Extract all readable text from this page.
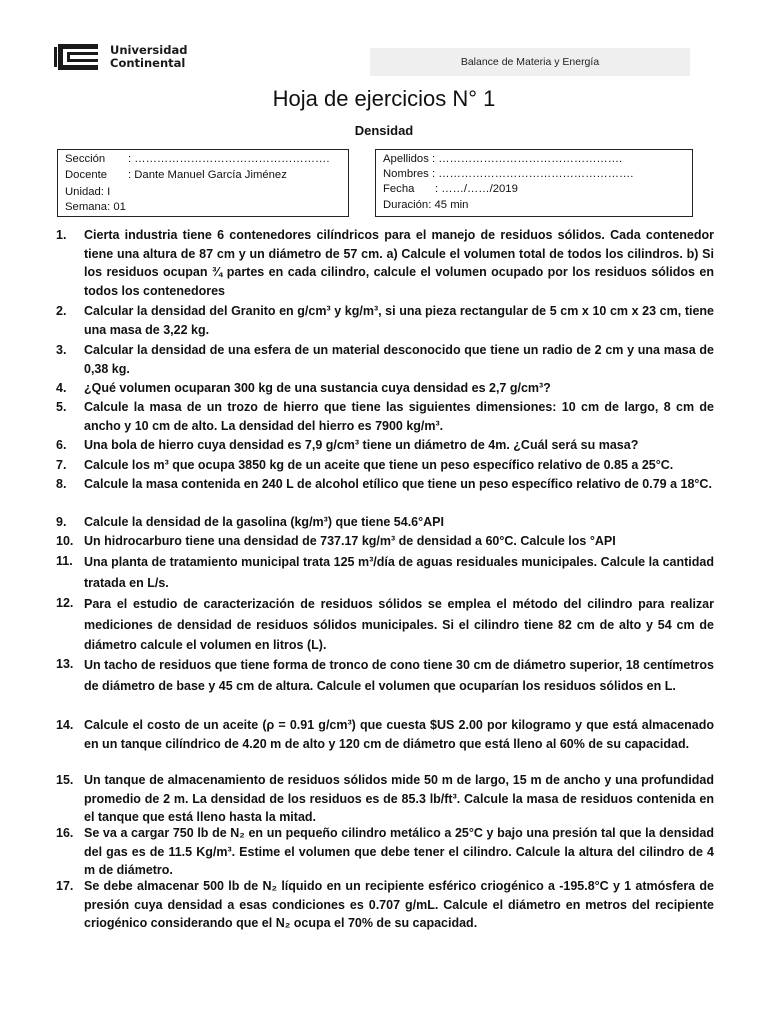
Universidad
Continental	Balance de Materia y Energía
Hoja de ejercicios N° 1
Densidad
Sección : …………………………………………….
Docente : Dante Manuel García Jiménez
Unidad: I
Semana: 01
Apellidos : ………………………………………….
Nombres : …………………………………………….
Fecha : ……/……/2019
Duración: 45 min
1.	Cierta industria tiene 6 contenedores cilíndricos para el manejo de residuos sólidos. Cada contenedor tiene una altura de 87 cm y un diámetro de 57 cm. a) Calcule el volumen total de todos los cilindros. b) Si los residuos ocupan ¾ partes en cada cilindro, calcule el volumen ocupado por los residuos sólidos en todos los contenedores
2.	Calcular la densidad del Granito en g/cm³ y kg/m³, si una pieza rectangular de 5 cm x 10 cm x 23 cm, tiene una masa de 3,22 kg.
3.	Calcular la densidad de una esfera de un material desconocido que tiene un radio de 2 cm y una masa de 0,38 kg.
4.	¿Qué volumen ocuparan 300 kg de una sustancia cuya densidad es 2,7 g/cm³?
5.	Calcule la masa de un trozo de hierro que tiene las siguientes dimensiones: 10 cm de largo, 8 cm de ancho y 10 cm de alto. La densidad del hierro es 7900 kg/m³.
6.	Una bola de hierro cuya densidad es 7,9 g/cm³ tiene un diámetro de 4m. ¿Cuál será su masa?
7.	Calcule los m³ que ocupa 3850 kg de un aceite que tiene un peso específico relativo de 0.85 a 25°C.
8.	Calcule la masa contenida en 240 L de alcohol etílico que tiene un peso específico relativo de 0.79 a 18°C.
9.	Calcule la densidad de la gasolina (kg/m³) que tiene 54.6°API
10. Un hidrocarburo tiene una densidad de 737.17 kg/m³ de densidad a 60°C. Calcule los °API
11. Una planta de tratamiento municipal trata 125 m³/día de aguas residuales municipales. Calcule la cantidad tratada en L/s.
12. Para el estudio de caracterización de residuos sólidos se emplea el método del cilindro para realizar mediciones de densidad de residuos sólidos municipales. Si el cilindro tiene 82 cm de alto y 54 cm de diámetro calcule el volumen en litros (L).
13. Un tacho de residuos que tiene forma de tronco de cono tiene 30 cm de diámetro superior, 18 centímetros de diámetro de base y 45 cm de altura. Calcule el volumen que ocuparían los residuos sólidos en L.
14. Calcule el costo de un aceite (ρ = 0.91 g/cm³) que cuesta $US 2.00 por kilogramo y que está almacenado en un tanque cilíndrico de 4.20 m de alto y 120 cm de diámetro que está lleno al 60% de su capacidad.
15. Un tanque de almacenamiento de residuos sólidos mide 50 m de largo, 15 m de ancho y una profundidad promedio de 2 m. La densidad de los residuos es de 85.3 lb/ft³. Calcule la masa de residuos contenida en el tanque que está lleno hasta la mitad.
16. Se va a cargar 750 lb de N₂ en un pequeño cilindro metálico a 25°C y bajo una presión tal que la densidad del gas es de 11.5 Kg/m³. Estime el volumen que debe tener el cilindro. Calcule la altura del cilindro de 4 m de diámetro.
17. Se debe almacenar 500 lb de N₂ líquido en un recipiente esférico criogénico a -195.8°C y 1 atmósfera de presión cuya densidad a esas condiciones es 0.707 g/mL. Calcule el diámetro en metros del recipiente criogénico considerando que el N₂ ocupa el 70% de su capacidad.
